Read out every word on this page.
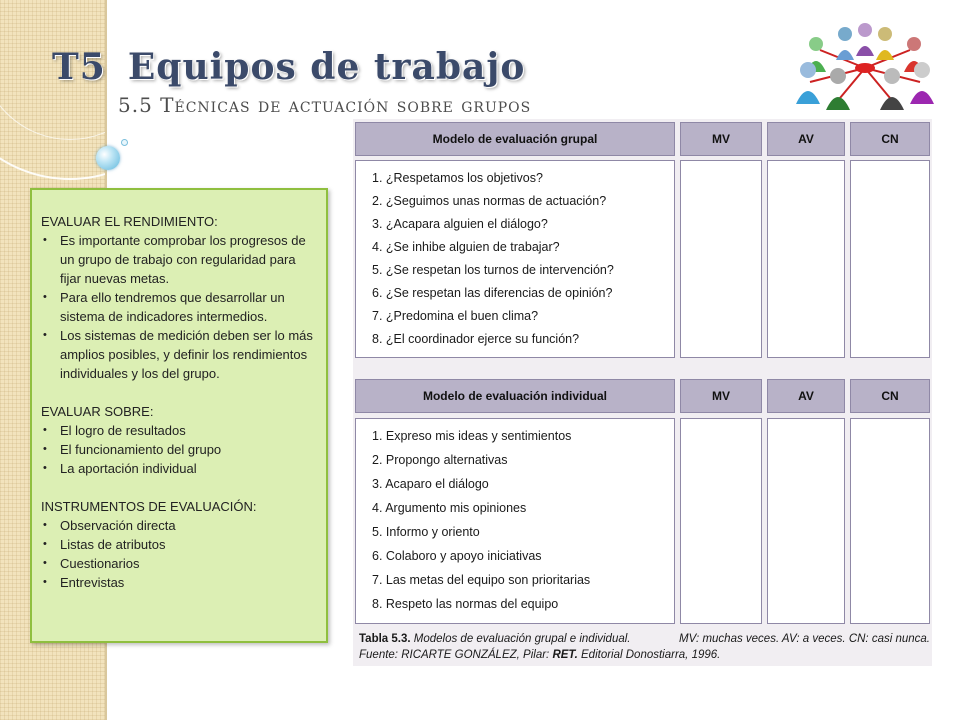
T5 Equipos de trabajo
5.5 Técnicas de actuación sobre grupos

EVALUAR EL RENDIMIENTO:

• Es importante comprobar los progresos de un grupo de trabajo con regularidad para fijar nuevas metas.
• Para ello tendremos que desarrollar un sistema de indicadores intermedios.
• Los sistemas de medición deben ser lo más amplios posibles, y definir los rendimientos individuales y los del grupo.

EVALUAR SOBRE:

• El logro de resultados
• El funcionamiento del grupo
• La aportación individual

INSTRUMENTOS DE EVALUACIÓN:

• Observación directa
• Listas de atributos
• Cuestionarios
• Entrevistas
Modelo de evaluación grupal	MV	AV	CN
1. ¿Respetamos los objetivos?
2. ¿Seguimos unas normas de actuación?
3. ¿Acapara alguien el diálogo?
4. ¿Se inhibe alguien de trabajar?
5. ¿Se respetan los turnos de intervención?
6. ¿Se respetan las diferencias de opinión?
7. ¿Predomina el buen clima?
8. ¿El coordinador ejerce su función?
Modelo de evaluación individual	MV	AV	CN
1. Expreso mis ideas y sentimientos
2. Propongo alternativas
3. Acaparo el diálogo
4. Argumento mis opiniones
5. Informo y oriento
6. Colaboro y apoyo iniciativas
7. Las metas del equipo son prioritarias
8. Respeto las normas del equipo
Tabla 5.3. Modelos de evaluación grupal e individual.	MV: muchas veces. AV: a veces. CN: casi nunca.
Fuente: RICARTE GONZÁLEZ, Pilar: RET. Editorial Donostiarra, 1996.
